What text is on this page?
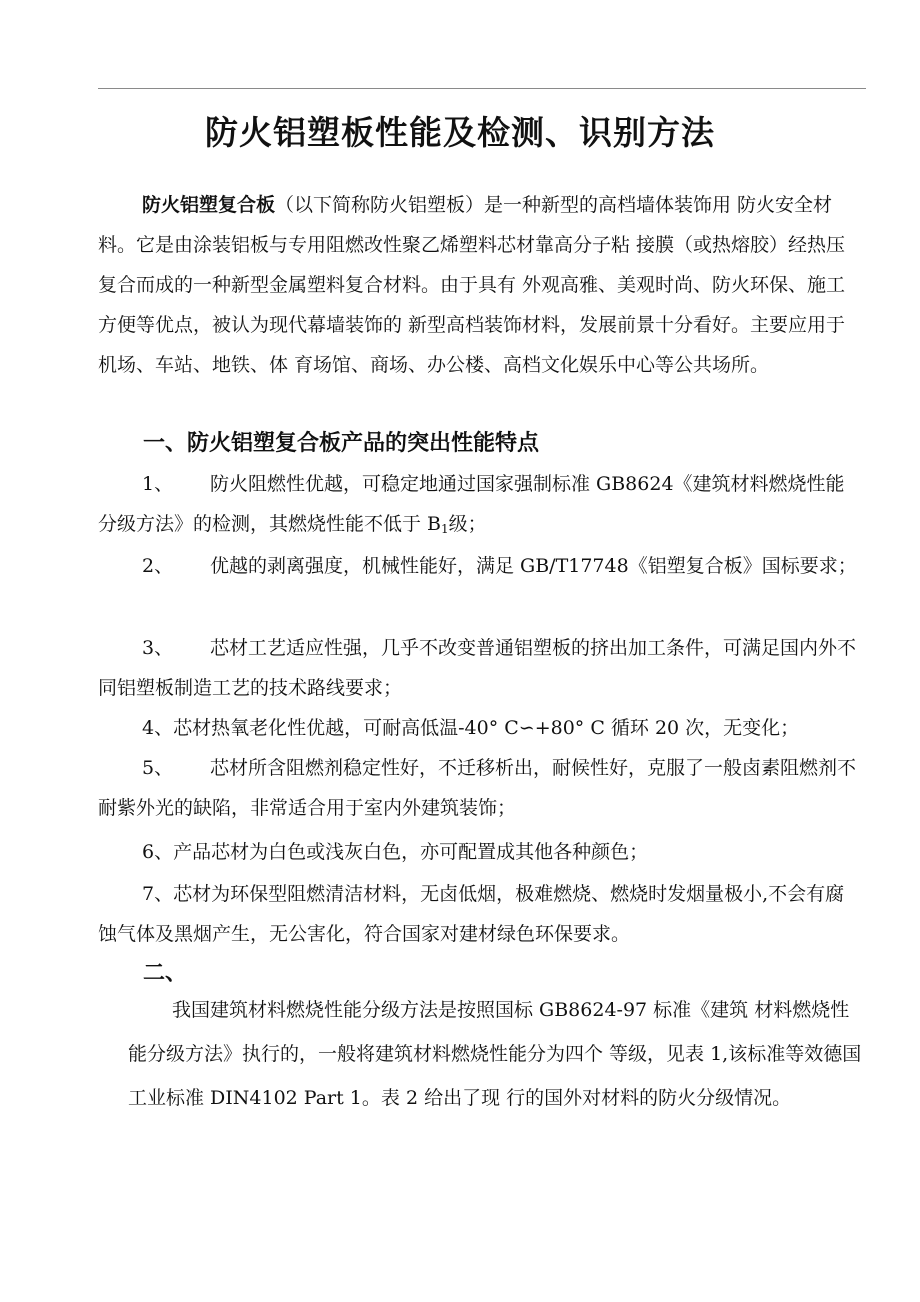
防火铝塑板性能及检测、识别方法

防火铝塑复合板（以下简称防火铝塑板）是一种新型的高档墙体装饰用 防火安全材料。它是由涂装铝板与专用阻燃改性聚乙烯塑料芯材靠高分子粘 接膜（或热熔胶）经热压复合而成的一种新型金属塑料复合材料。由于具有 外观高雅、美观时尚、防火环保、施工方便等优点，被认为现代幕墙装饰的 新型高档装饰材料，发展前景十分看好。主要应用于机场、车站、地铁、体 育场馆、商场、办公楼、高档文化娱乐中心等公共场所。

一、防火铝塑复合板产品的突出性能特点

1、 防火阻燃性优越，可稳定地通过国家强制标准 GB8624《建筑材料燃烧性能分级方法》的检测，其燃烧性能不低于 $B_1$级；

2、 优越的剥离强度，机械性能好，满足 GB/T17748《铝塑复合板》国标要求；

3、 芯材工艺适应性强，几乎不改变普通铝塑板的挤出加工条件，可满足国内外不同铝塑板制造工艺的技术路线要求；

4、芯材热氧老化性优越，可耐高低温-40° C∽+80° C 循环 20 次，无变化；

5、 芯材所含阻燃剂稳定性好，不迁移析出，耐候性好，克服了一般卤素阻燃剂不耐紫外光的缺陷，非常适合用于室内外建筑装饰；

6、产品芯材为白色或浅灰白色，亦可配置成其他各种颜色；

7、芯材为环保型阻燃清洁材料，无卤低烟，极难燃烧、燃烧时发烟量极小,不会有腐蚀气体及黑烟产生，无公害化，符合国家对建材绿色环保要求。

二、

我国建筑材料燃烧性能分级方法是按照国标 GB8624-97 标准《建筑 材料燃烧性能分级方法》执行的，一般将建筑材料燃烧性能分为四个 等级，见表 1,该标准等效德国工业标准 DIN4102 Part 1。表 2 给出了现 行的国外对材料的防火分级情况。
